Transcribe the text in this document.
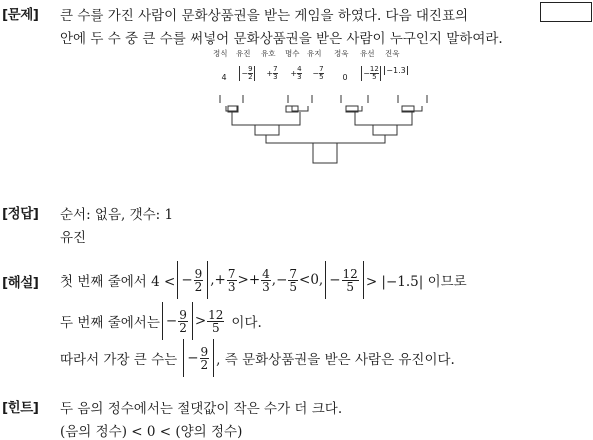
[문제] 큰 수를 가진 사람이 문화상품권을 받는 게임을 하였다. 다음 대진표의
안에 두 수 중 큰 수를 써넣어 문화상품권을 받은 사람이 누구인지 말하여라.
정식 유진 유호 명수 유지 정욱 유선 진욱
4 − 9
$2 + \frac{7}{3} + \frac{4}{3} - \frac{7}{5} 0 - 12$
5
−1.3
[정답] 순서: 없음, 갯수: 1
유진
[해설] 첫 번째 줄에서 4 < − $\frac{9}{2}$ ,+ $\frac{7}{3} >+ \frac{4}{3}$ ,− $\frac{7}{5} <0$, − $\frac{12}{5} > |-1.5|$ 이므로
두 번째 줄에서는 − $\frac{9}{2} > \frac{12}{5}$ 이다.
따라서 가장 큰 수는 − $\frac{9}{2}$ , 즉 문화상품권을 받은 사람은 유진이다.
[힌트] 두 음의 정수에서는 절댓값이 작은 수가 더 크다.
(음의 정수) < 0 < (양의 정수)
